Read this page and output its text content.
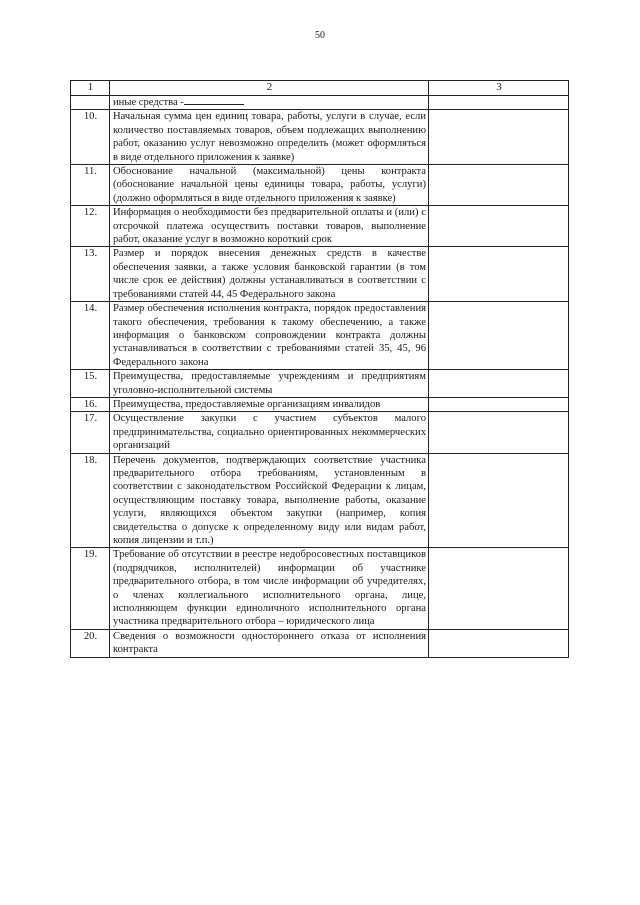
50
1	2	3
	иные средства -	
10.	Начальная сумма цен единиц товара, работы, услуги в случае, если количество поставляемых товаров, объем подлежащих выполнению работ, оказанию услуг невозможно определить (может оформляться в виде отдельного приложения к заявке)	
11.	Обоснование начальной (максимальной) цены контракта (обоснование начальной цены единицы товара, работы, услуги) (должно оформляться в виде отдельного приложения к заявке)	
12.	Информация о необходимости без предварительной оплаты и (или) с отсрочкой платежа осуществить поставки товаров, выполнение работ, оказание услуг в возможно короткий срок	
13.	Размер и порядок внесения денежных средств в качестве обеспечения заявки, а также условия банковской гарантии (в том числе срок ее действия) должны устанавливаться в соответствии с требованиями статей 44, 45 Федерального закона	
14.	Размер обеспечения исполнения контракта, порядок предоставления такого обеспечения, требования к такому обеспечению, а также информация о банковском сопровождении контракта должны устанавливаться в соответствии с требованиями статей 35, 45, 96 Федерального закона	
15.	Преимущества, предоставляемые учреждениям и предприятиям уголовно-исполнительной системы	
16.	Преимущества, предоставляемые организациям инвалидов	
17.	Осуществление закупки с участием субъектов малого предпринимательства, социально ориентированных некоммерческих организаций	
18.	Перечень документов, подтверждающих соответствие участника предварительного отбора требованиям, установленным в соответствии с законодательством Российской Федерации к лицам, осуществляющим поставку товара, выполнение работы, оказание услуги, являющихся объектом закупки (например, копия свидетельства о допуске к определенному виду или видам работ, копия лицензии и т.п.)	
19.	Требование об отсутствии в реестре недобросовестных поставщиков (подрядчиков, исполнителей) информации об участнике предварительного отбора, в том числе информации об учредителях, о членах коллегиального исполнительного органа, лице, исполняющем функции единоличного исполнительного органа участника предварительного отбора – юридического лица	
20.	Сведения о возможности одностороннего отказа от исполнения контракта	
